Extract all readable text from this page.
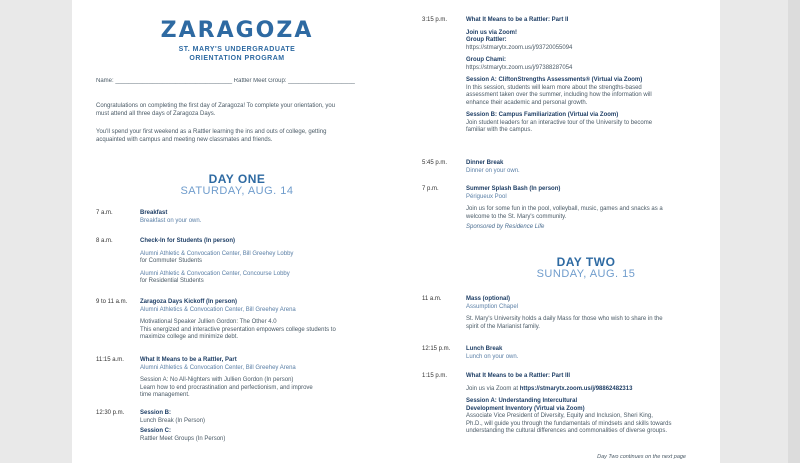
ZARAGOZA
ST. MARY'S UNDERGRADUATE
ORIENTATION PROGRAM
Name: ___________________________________ Rattler Meet Group: ____________________
Congratulations on completing the first day of Zaragoza! To complete your orientation, you
must attend all three days of Zaragoza Days.
You'll spend your first weekend as a Rattler learning the ins and outs of college, getting
acquainted with campus and meeting new classmates and friends.
DAY ONE
SATURDAY, AUG. 14
7 a.m.	Breakfast
Breakfast on your own.
8 a.m.	Check-In for Students (In person)
Alumni Athletic & Convocation Center, Bill Greehey Lobby
for Commuter Students
Alumni Athletic & Convocation Center, Concourse Lobby
for Residential Students
9 to 11 a.m.	Zaragoza Days Kickoff (In person)
Alumni Athletics & Convocation Center, Bill Greehey Arena
Motivational Speaker Jullien Gordon: The Other 4.0
This energized and interactive presentation empowers college students to
maximize college and minimize debt.
11:15 a.m.	What It Means to be a Rattler, Part
Alumni Athletics & Convocation Center, Bill Greehey Arena
Session A: No All-Nighters with Jullien Gordon (In person)
Learn how to end procrastination and perfectionism, and improve
time management.
12:30 p.m.	Session B:
Lunch Break (In Person)
Session C:
Rattler Meet Groups (In Person)
3:15 p.m.	What It Means to be a Rattler: Part II
Join us via Zoom!
Group Rattler:
https://stmarytx.zoom.us/j/93720055094
Group Chami:
https://stmarytx.zoom.us/j/97388287054
Session A: CliftonStrengths Assessments® (Virtual via Zoom)
In this session, students will learn more about the strengths-based
assessment taken over the summer, including how the information will
enhance their academic and personal growth.
Session B: Campus Familiarization (Virtual via Zoom)
Join student leaders for an interactive tour of the University to become
familiar with the campus.
5:45 p.m.	Dinner Break
Dinner on your own.
7 p.m.	Summer Splash Bash (In person)
Périgueux Pool
Join us for some fun in the pool, volleyball, music, games and snacks as a
welcome to the St. Mary's community.
Sponsored by Residence Life
DAY TWO
SUNDAY, AUG. 15
11 a.m.	Mass (optional)
Assumption Chapel
St. Mary's University holds a daily Mass for those who wish to share in the
spirit of the Marianist family.
12:15 p.m.	Lunch Break
Lunch on your own.
1:15 p.m.	What It Means to be a Rattler: Part III
Join us via Zoom at https://stmarytx.zoom.us/j/98862482313
Session A: Understanding Intercultural
Development Inventory (Virtual via Zoom)
Associate Vice President of Diversity, Equity and Inclusion, Sheri King,
Ph.D., will guide you through the fundamentals of mindsets and skills towards
understanding the cultural differences and commonalities of diverse groups.
Day Two continues on the next page
